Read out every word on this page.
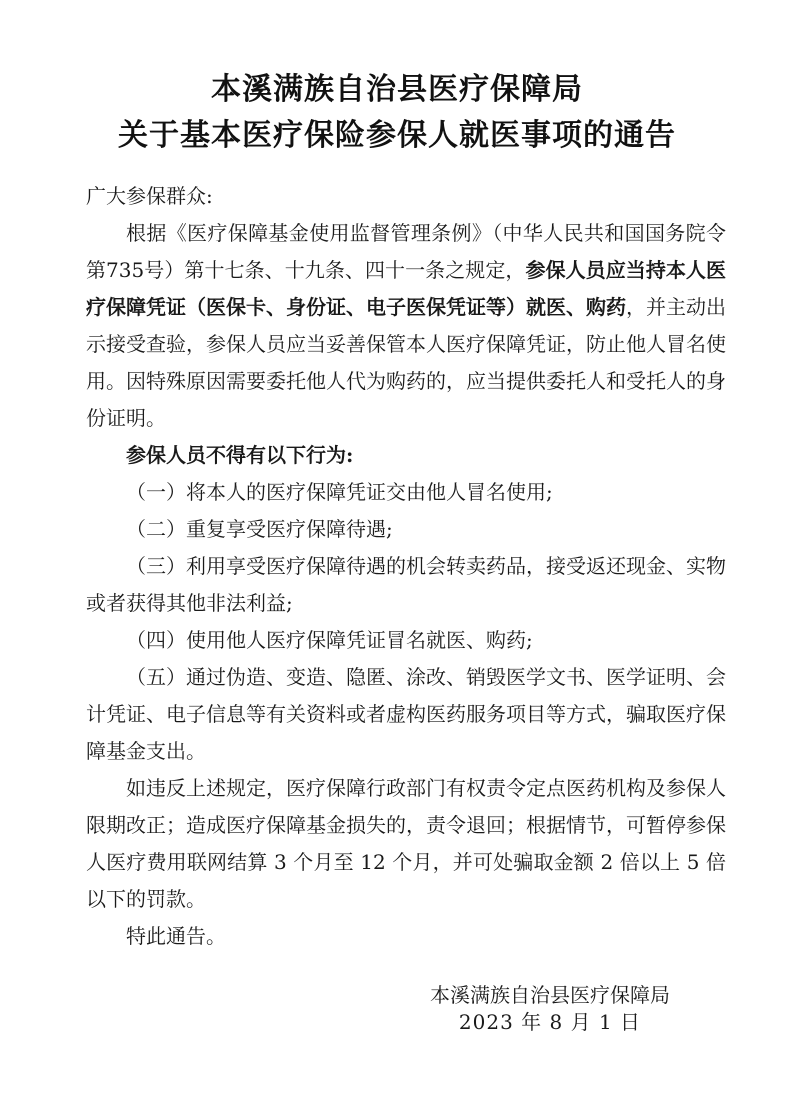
本溪满族自治县医疗保障局
关于基本医疗保险参保人就医事项的通告

广大参保群众:

根据《医疗保障基金使用监督管理条例》（中华人民共和国国务院令第735号）第十七条、十九条、四十一条之规定，参保人员应当持本人医疗保障凭证（医保卡、身份证、电子医保凭证等）就医、购药，并主动出示接受查验，参保人员应当妥善保管本人医疗保障凭证，防止他人冒名使用。因特殊原因需要委托他人代为购药的，应当提供委托人和受托人的身份证明。

参保人员不得有以下行为:

（一）将本人的医疗保障凭证交由他人冒名使用;

（二）重复享受医疗保障待遇;

（三）利用享受医疗保障待遇的机会转卖药品，接受返还现金、实物或者获得其他非法利益;

（四）使用他人医疗保障凭证冒名就医、购药;

（五）通过伪造、变造、隐匿、涂改、销毁医学文书、医学证明、会计凭证、电子信息等有关资料或者虚构医药服务项目等方式，骗取医疗保障基金支出。

如违反上述规定，医疗保障行政部门有权责令定点医药机构及参保人限期改正；造成医疗保障基金损失的，责令退回；根据情节，可暂停参保人医疗费用联网结算 3 个月至 12 个月，并可处骗取金额 2 倍以上 5 倍以下的罚款。

特此通告。

本溪满族自治县医疗保障局
2023 年 8 月 1 日
